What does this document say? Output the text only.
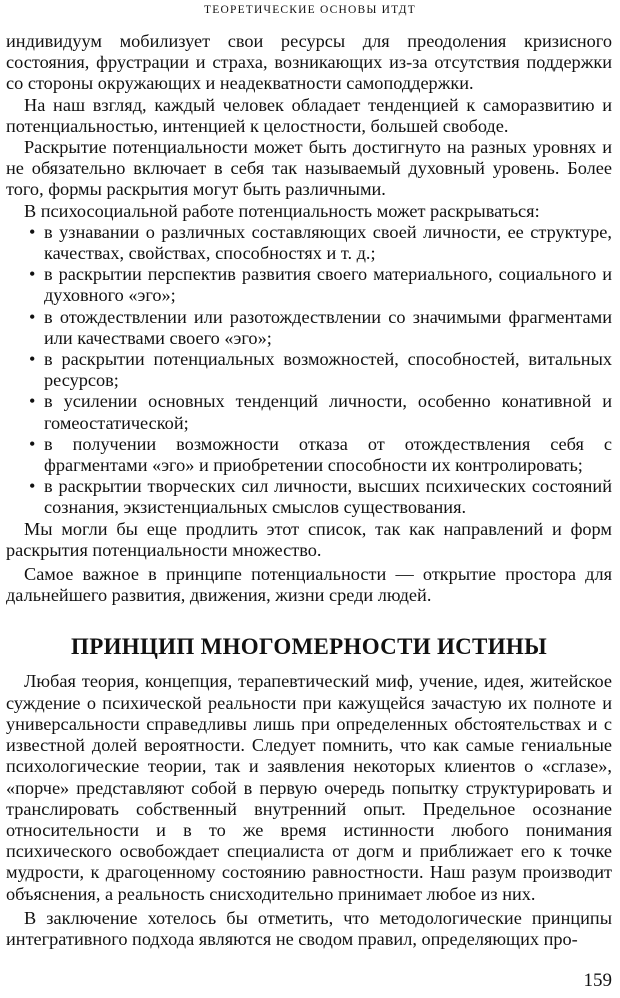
ТЕОРЕТИЧЕСКИЕ ОСНОВЫ ИТДТ

индивидуум мобилизует свои ресурсы для преодоления кризисного состояния, фрустрации и страха, возникающих из-за отсутствия поддержки со стороны окружающих и неадекватности самоподдержки.

На наш взгляд, каждый человек обладает тенденцией к саморазвитию и потенциальностью, интенцией к целостности, большей свободе.

Раскрытие потенциальности может быть достигнуто на разных уровнях и не обязательно включает в себя так называемый духовный уровень. Более того, формы раскрытия могут быть различными.

В психосоциальной работе потенциальность может раскрываться:

• в узнавании о различных составляющих своей личности, ее структуре, качествах, свойствах, способностях и т. д.;
• в раскрытии перспектив развития своего материального, социального и духовного «эго»;
• в отождествлении или разотождествлении со значимыми фрагментами или качествами своего «эго»;
• в раскрытии потенциальных возможностей, способностей, витальных ресурсов;
• в усилении основных тенденций личности, особенно конативной и гомеостатической;
• в получении возможности отказа от отождествления себя с фрагментами «эго» и приобретении способности их контролировать;
• в раскрытии творческих сил личности, высших психических состояний сознания, экзистенциальных смыслов существования.

Мы могли бы еще продлить этот список, так как направлений и форм раскрытия потенциальности множество.

Самое важное в принципе потенциальности — открытие простора для дальнейшего развития, движения, жизни среди людей.

ПРИНЦИП МНОГОМЕРНОСТИ ИСТИНЫ

Любая теория, концепция, терапевтический миф, учение, идея, житейское суждение о психической реальности при кажущейся зачастую их полноте и универсальности справедливы лишь при определенных обстоятельствах и с известной долей вероятности. Следует помнить, что как самые гениальные психологические теории, так и заявления некоторых клиентов о «сглазе», «порче» представляют собой в первую очередь попытку структурировать и транслировать собственный внутренний опыт. Предельное осознание относительности и в то же время истинности любого понимания психического освобождает специалиста от догм и приближает его к точке мудрости, к драгоценному состоянию равностности. Наш разум производит объяснения, а реальность снисходительно принимает любое из них.

В заключение хотелось бы отметить, что методологические принципы интегративного подхода являются не сводом правил, определяющих про-

159
